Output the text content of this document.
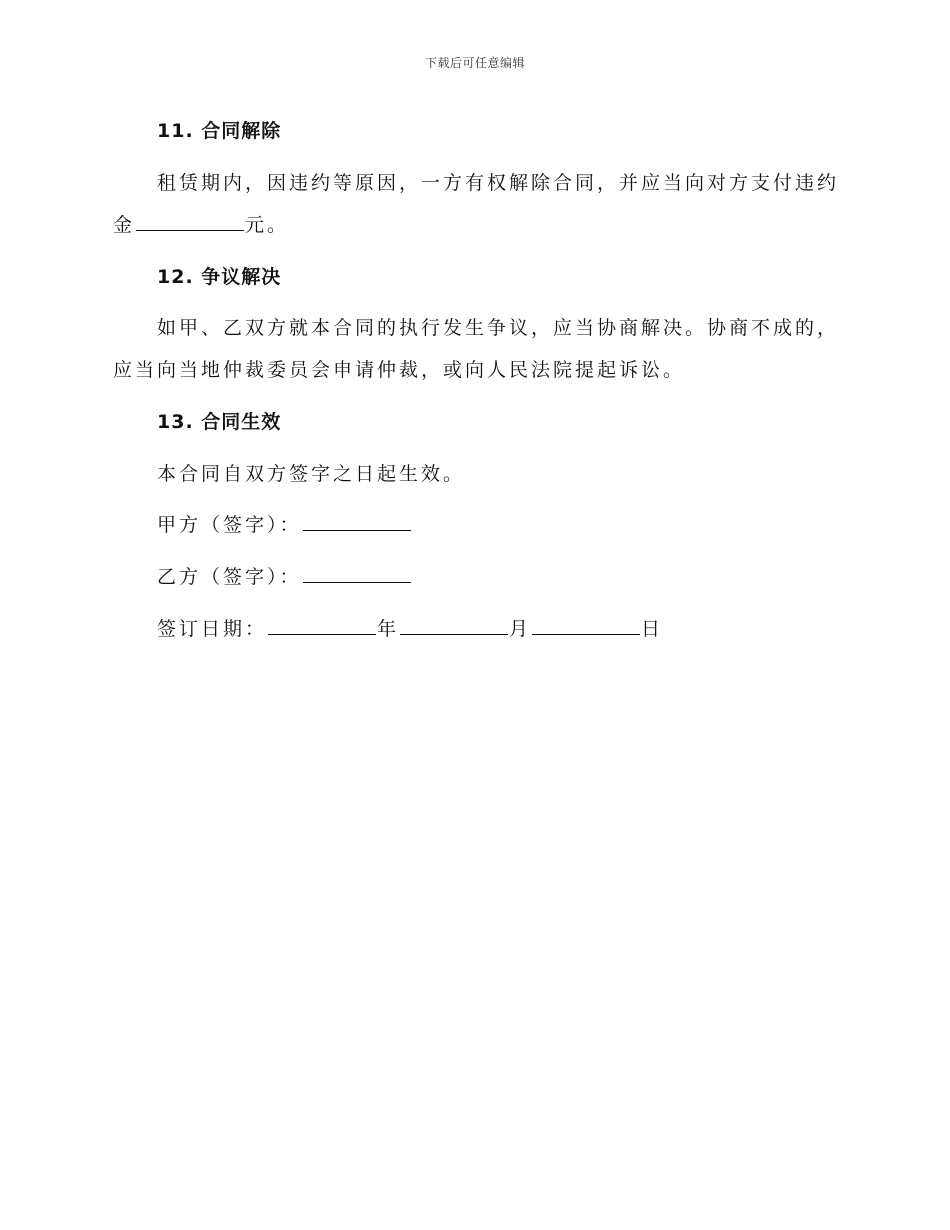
下载后可任意编辑
11. 合同解除
租赁期内，因违约等原因，一方有权解除合同，并应当向对方支付违约
金	元。
12. 争议解决
如甲、乙双方就本合同的执行发生争议，应当协商解决。协商不成的，
应当向当地仲裁委员会申请仲裁，或向人民法院提起诉讼。
13. 合同生效
本合同自双方签字之日起生效。
甲方（签字）：
乙方（签字）：
签订日期：	年	月	日
